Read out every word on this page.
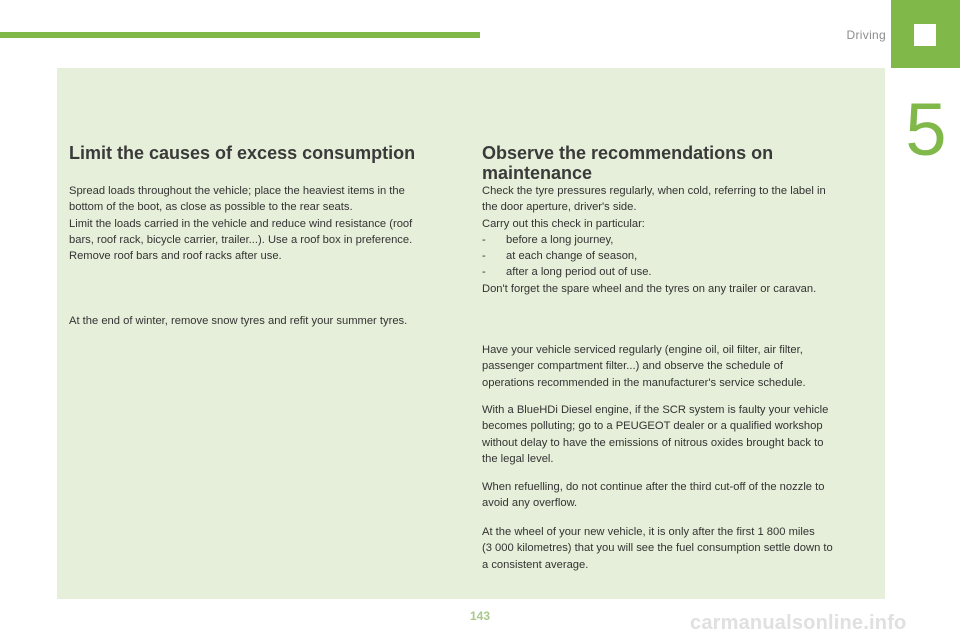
Driving
5
Limit the causes of excess consumption

Spread loads throughout the vehicle; place the heaviest items in the

bottom of the boot, as close as possible to the rear seats.

Limit the loads carried in the vehicle and reduce wind resistance (roof

bars, roof rack, bicycle carrier, trailer...). Use a roof box in preference.

Remove roof bars and roof racks after use.

At the end of winter, remove snow tyres and refit your summer tyres.

Observe the recommendations on
maintenance

Check the tyre pressures regularly, when cold, referring to the label in

the door aperture, driver's side.

Carry out this check in particular:

-	before a long journey,
-	at each change of season,
-	after a long period out of use.

Don't forget the spare wheel and the tyres on any trailer or caravan.

Have your vehicle serviced regularly (engine oil, oil filter, air filter,

passenger compartment filter...) and observe the schedule of

operations recommended in the manufacturer's service schedule.

With a BlueHDi Diesel engine, if the SCR system is faulty your vehicle

becomes polluting; go to a PEUGEOT dealer or a qualified workshop

without delay to have the emissions of nitrous oxides brought back to

the legal level.

When refuelling, do not continue after the third cut-off of the nozzle to

avoid any overflow.

At the wheel of your new vehicle, it is only after the first 1 800 miles

(3 000 kilometres) that you will see the fuel consumption settle down to

a consistent average.

143	carmanualsonline.info
